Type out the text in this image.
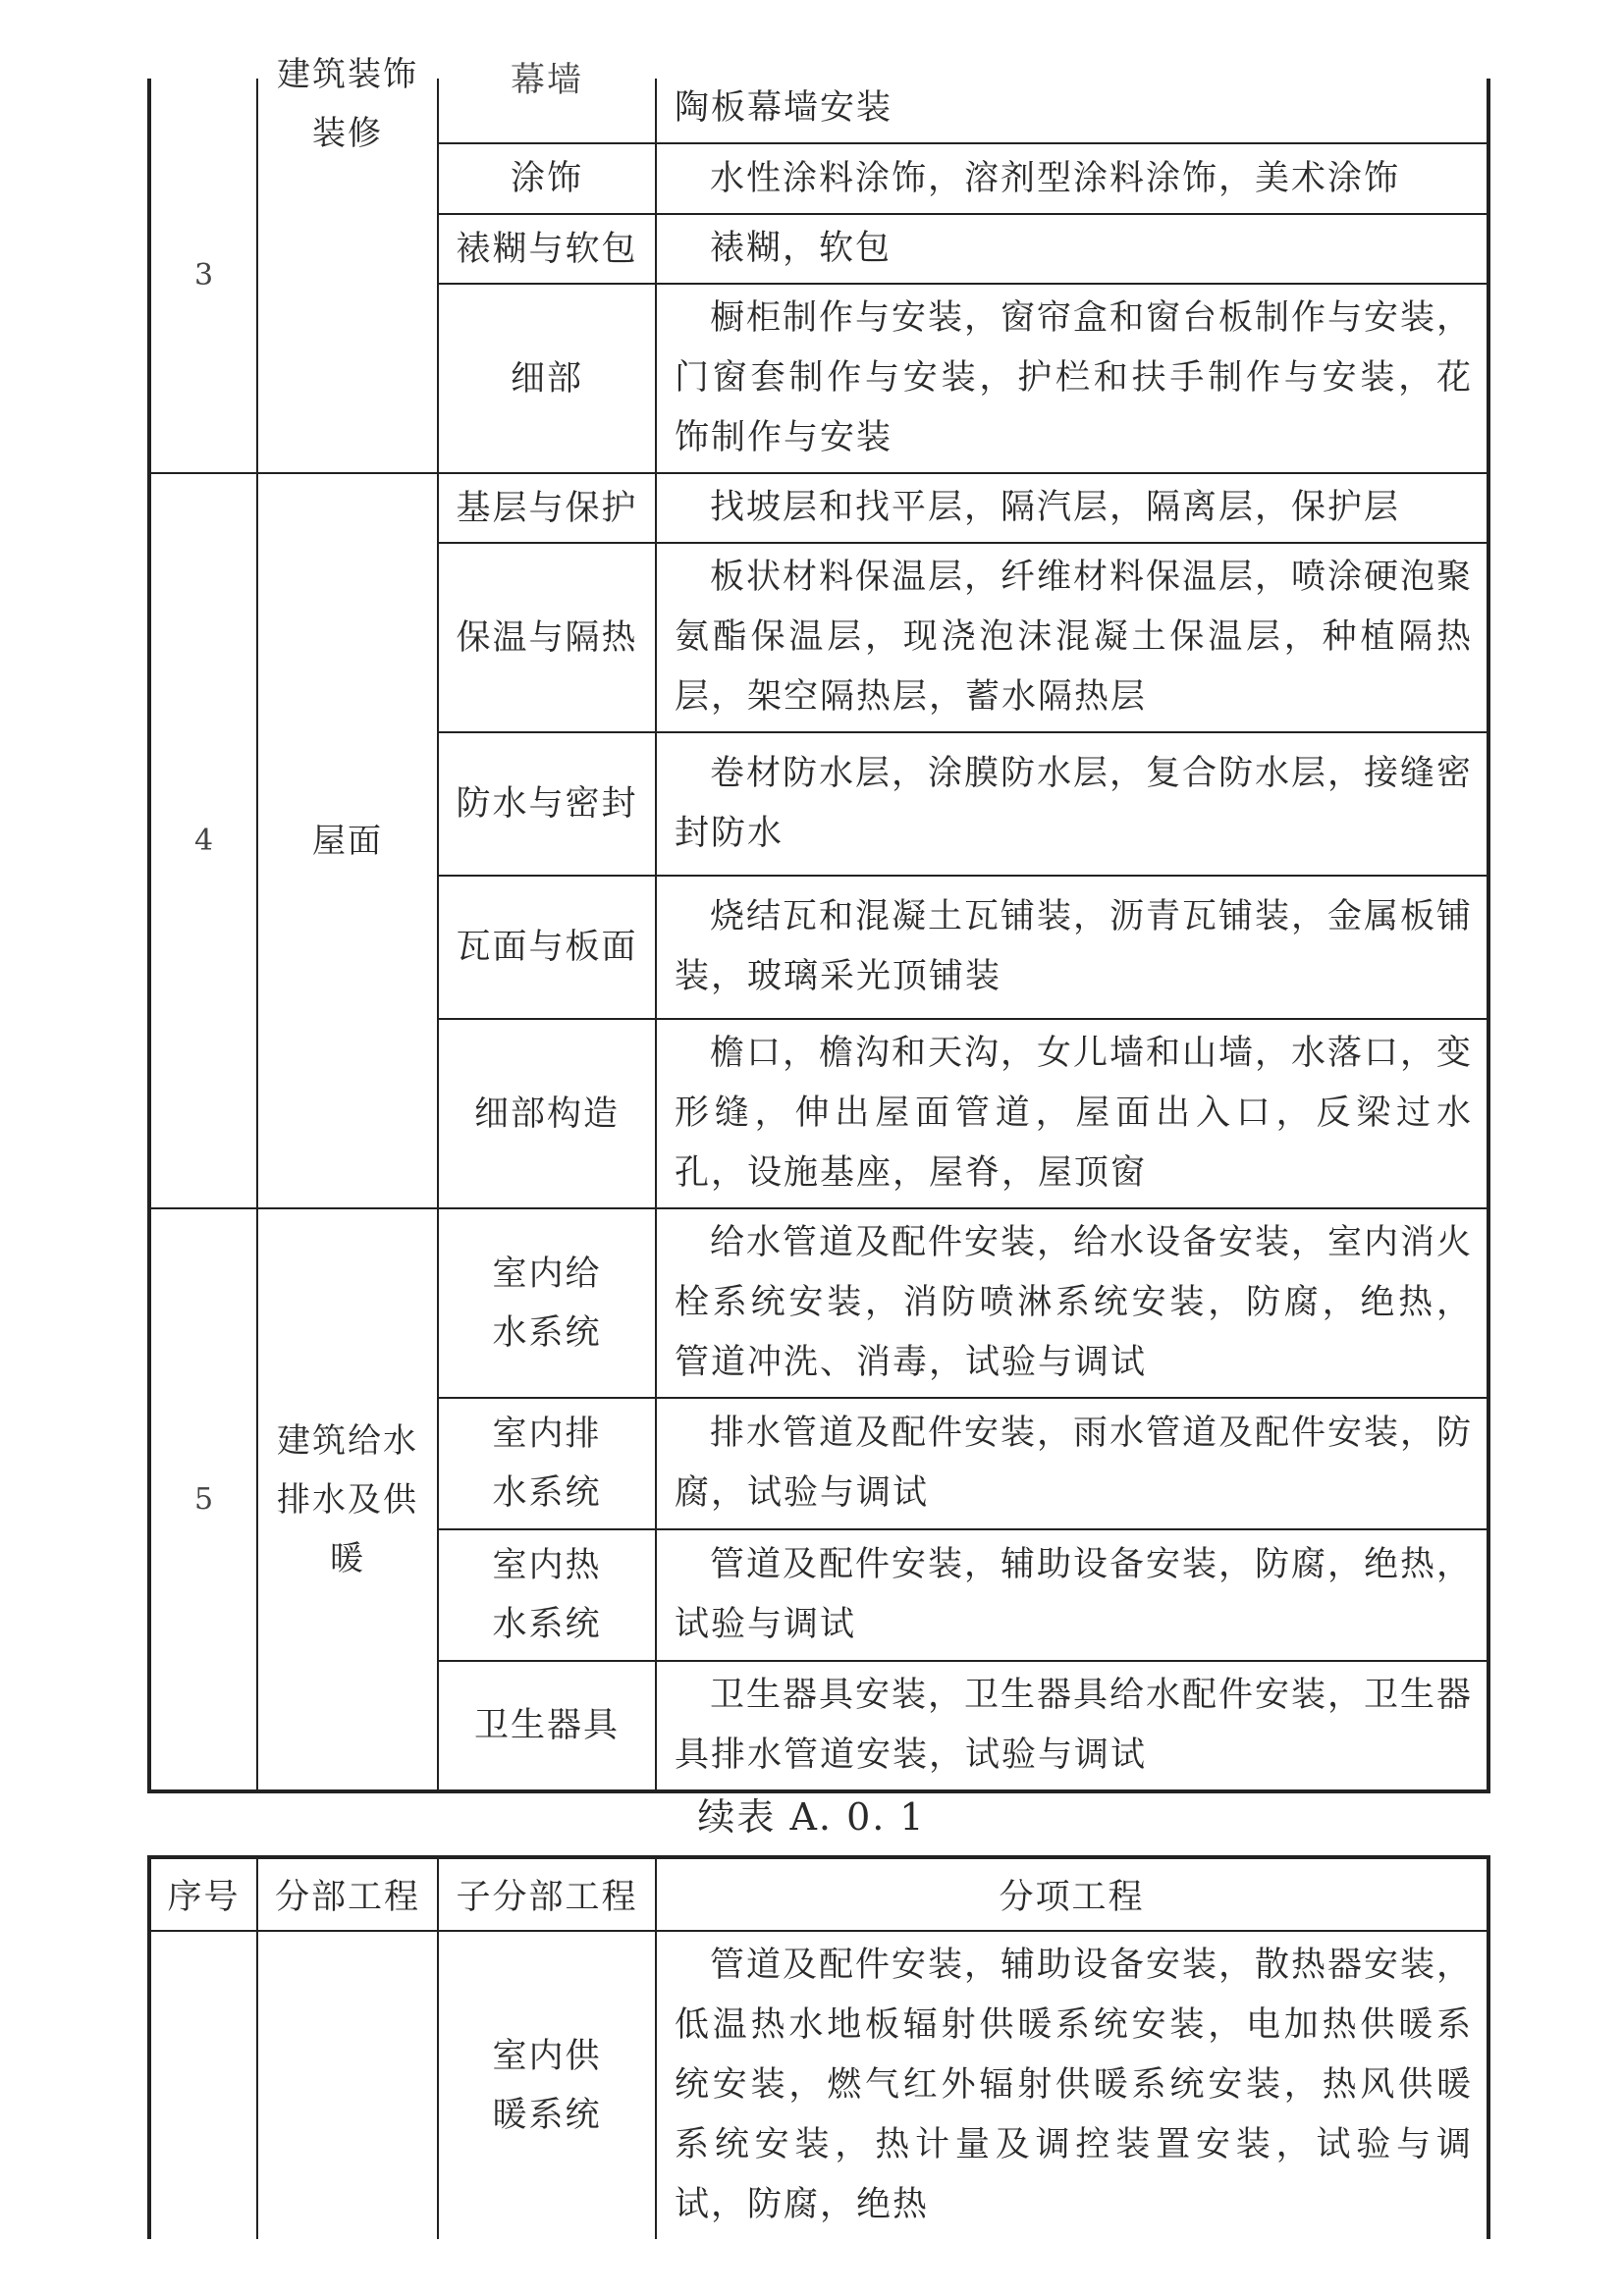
3	建筑装饰装修	幕墙	陶板幕墙安装
		涂饰	水性涂料涂饰，溶剂型涂料涂饰，美术涂饰
		裱糊与软包	裱糊，软包
		细部	橱柜制作与安装，窗帘盒和窗台板制作与安装，门窗套制作与安装，护栏和扶手制作与安装，花饰制作与安装
4	屋面	基层与保护	找坡层和找平层，隔汽层，隔离层，保护层
		保温与隔热	板状材料保温层，纤维材料保温层，喷涂硬泡聚氨酯保温层，现浇泡沫混凝土保温层，种植隔热层，架空隔热层，蓄水隔热层
		防水与密封	卷材防水层，涂膜防水层，复合防水层，接缝密封防水
		瓦面与板面	烧结瓦和混凝土瓦铺装，沥青瓦铺装，金属板铺装，玻璃采光顶铺装
		细部构造	檐口，檐沟和天沟，女儿墙和山墙，水落口，变形缝，伸出屋面管道，屋面出入口，反梁过水孔，设施基座，屋脊，屋顶窗
5	建筑给水排水及供暖	室内给水系统	给水管道及配件安装，给水设备安装，室内消火栓系统安装，消防喷淋系统安装，防腐，绝热，管道冲洗、消毒，试验与调试

		室内排水系统	排水管道及配件安装，雨水管道及配件安装，防腐，试验与调试

		室内热水系统	管道及配件安装，辅助设备安装，防腐，绝热，试验与调试
		卫生器具	卫生器具安装，卫生器具给水配件安装，卫生器具排水管道安装，试验与调试
续表 A. 0. 1
序号	分部工程	子分部工程	分项工程

		室内供暖系统	管道及配件安装，辅助设备安装，散热器安装，低温热水地板辐射供暖系统安装，电加热供暖系统安装，燃气红外辐射供暖系统安装，热风供暖系统安装，热计量及调控装置安装，试验与调试，防腐，绝热
